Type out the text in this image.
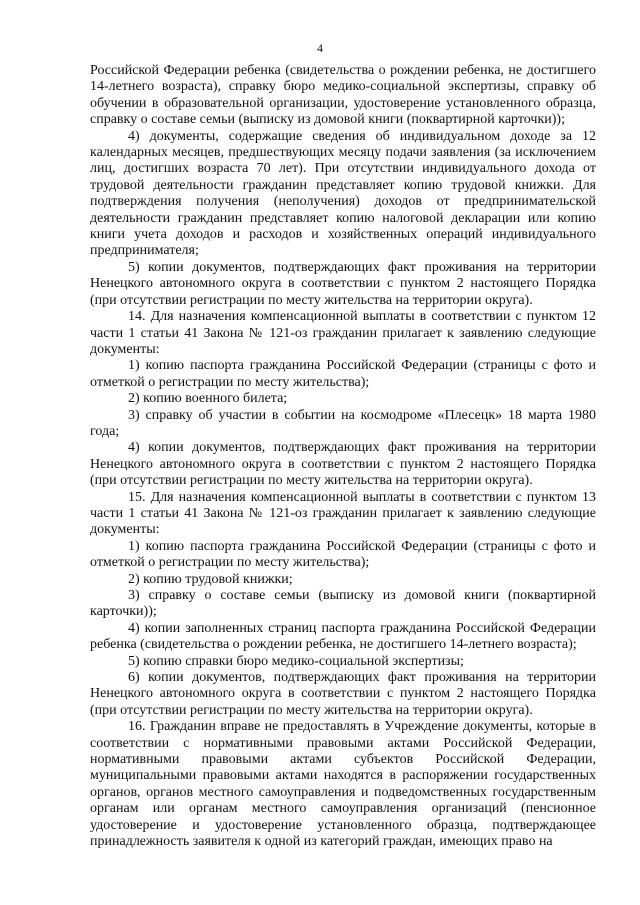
4

Российской Федерации ребенка (свидетельства о рождении ребенка, не достигшего 14-летнего возраста), справку бюро медико-социальной экспертизы, справку об обучении в образовательной организации, удостоверение установленного образца, справку о составе семьи (выписку из домовой книги (поквартирной карточки));

4) документы, содержащие сведения об индивидуальном доходе за 12 календарных месяцев, предшествующих месяцу подачи заявления (за исключением лиц, достигших возраста 70 лет). При отсутствии индивидуального дохода от трудовой деятельности гражданин представляет копию трудовой книжки. Для подтверждения получения (неполучения) доходов от предпринимательской деятельности гражданин представляет копию налоговой декларации или копию книги учета доходов и расходов и хозяйственных операций индивидуального предпринимателя;

5) копии документов, подтверждающих факт проживания на территории Ненецкого автономного округа в соответствии с пунктом 2 настоящего Порядка (при отсутствии регистрации по месту жительства на территории округа).

14. Для назначения компенсационной выплаты в соответствии с пунктом 12 части 1 статьи 41 Закона № 121-оз гражданин прилагает к заявлению следующие документы:

1) копию паспорта гражданина Российской Федерации (страницы с фото и отметкой о регистрации по месту жительства);

2) копию военного билета;

3) справку об участии в событии на космодроме «Плесецк» 18 марта 1980 года;

4) копии документов, подтверждающих факт проживания на территории Ненецкого автономного округа в соответствии с пунктом 2 настоящего Порядка (при отсутствии регистрации по месту жительства на территории округа).

15. Для назначения компенсационной выплаты в соответствии с пунктом 13 части 1 статьи 41 Закона № 121-оз гражданин прилагает к заявлению следующие документы:

1) копию паспорта гражданина Российской Федерации (страницы с фото и отметкой о регистрации по месту жительства);

2) копию трудовой книжки;

3) справку о составе семьи (выписку из домовой книги (поквартирной карточки));

4) копии заполненных страниц паспорта гражданина Российской Федерации ребенка (свидетельства о рождении ребенка, не достигшего 14-летнего возраста);

5) копию справки бюро медико-социальной экспертизы;

6) копии документов, подтверждающих факт проживания на территории Ненецкого автономного округа в соответствии с пунктом 2 настоящего Порядка (при отсутствии регистрации по месту жительства на территории округа).

16. Гражданин вправе не предоставлять в Учреждение документы, которые в соответствии с нормативными правовыми актами Российской Федерации, нормативными правовыми актами субъектов Российской Федерации, муниципальными правовыми актами находятся в распоряжении государственных органов, органов местного самоуправления и подведомственных государственным органам или органам местного самоуправления организаций (пенсионное удостоверение и удостоверение установленного образца, подтверждающее принадлежность заявителя к одной из категорий граждан, имеющих право на
